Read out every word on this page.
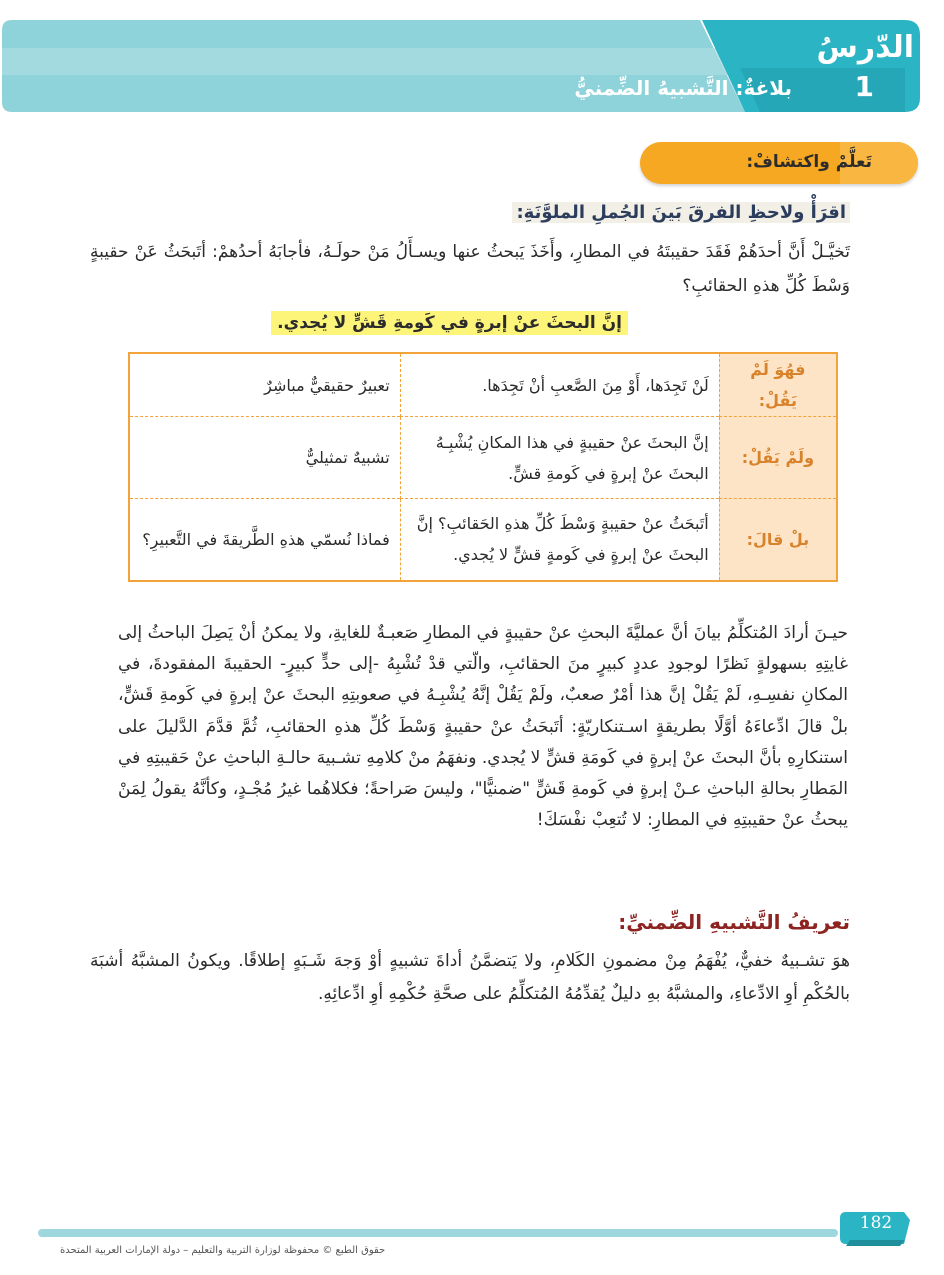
الدّرسُ
1
بلاغةٌ: التَّشبيهُ الضِّمنيُّ
تَعلَّمْ واكتشافْ:
اقرَأْ ولاحظِ الفرقَ بَينَ الجُملِ الملوَّنَةِ:

تَخيَّـلْ أَنَّ أحدَهُمْ فَقَدَ حقيبتَهُ في المطارِ، وأَخَذَ يَبحثُ عنها ويسـأَلُ مَنْ حولَـهُ، فأجابَهُ أحدُهمْ: أتَبحَثُ عَنْ حقيبةٍ وَسْطَ كُلِّ هذهِ الحقائبِ؟

إنَّ البحثَ عنْ إبرةٍ في كَومةِ قَشٍّ لا يُجدي.
فهُوَ لَمْ يَقُلْ:	لَنْ تَجِدَها، أَوْ مِنَ الصَّعبِ أنْ تَجِدَها.	تعبيرٌ حقيقيٌّ مباشِرٌ
ولَمْ يَقُلْ:	إنَّ البحثَ عنْ حقيبةٍ في هذا المكانِ يُشْبِـهُ البحثَ عنْ إبرةٍ في كَومةِ قشٍّ.	تشبيهٌ تمثيليٌّ
بلْ قالَ:	أتَبحَثُ عنْ حقيبةٍ وَسْطَ كُلِّ هذهِ الحَقائبِ؟ إنَّ البحثَ عنْ إبرةٍ في كَومةٍ قشٍّ لا يُجدي.	فماذا نُسمّي هذهِ الطَّريقةَ في التَّعبيرِ؟

حيـنَ أرادَ المُتكلِّمُ بيانَ أنَّ عمليَّةَ البحثِ عنْ حقيبةٍ في المطارِ صَعبـةٌ للغايةِ، ولا يمكنُ أنْ يَصِلَ الباحثُ إلى غايتِهِ بسهولةٍ نَظرًا لوجودِ عددٍ كبيرٍ منَ الحقائبِ، والّتي قدْ تُشْبِهُ -إلى حدٍّ كبيرٍ- الحقيبةَ المفقودةَ، في المكانِ نفسِـهِ، لَمْ يَقُلْ إنَّ هذا أمْرٌ صعبٌ، ولَمْ يَقُلْ إنَّهُ يُشْبِـهُ في صعوبتِهِ البحثَ عنْ إبرةٍ في كَومةِ قَشٍّ، بلْ قالَ ادِّعاءَهُ أوَّلًا بطريقةٍ اسـتنكاريّةٍ: أتَبحَثُ عنْ حقيبةٍ وَسْطَ كُلِّ هذهِ الحقائبِ، ثُمَّ قدَّمَ الدَّليلَ على استنكارِهِ بأنَّ البحثَ عنْ إبرةٍ في كَومَةِ قشٍّ لا يُجدي. ونفهَمُ منْ كلامِهِ تشـبيهَ حالـةِ الباحثِ عنْ حَقيبتِهِ في المَطارِ بحالةِ الباحثِ عـنْ إبرةٍ في كَومةِ قَشٍّ "ضمنيًّا"، وليسَ صَراحةً؛ فكلاهُما غيرُ مُجْـدٍ، وكأنَّهُ يقولُ لِمَنْ يبحثُ عنْ حقيبتِهِ في المطارِ: لا تُتعِبْ نفْسَكَ!

تعريفُ التَّشبيهِ الضِّمنيِّ:

هوَ تشـبيهٌ خفيٌّ، يُفْهَمُ مِنْ مضمونِ الكَلامِ، ولا يَتضمَّنُ أداةَ تشبيهٍ أوْ وَجهَ شَـبَهٍ إطلاقًا. ويكونُ المشبَّهُ أشبَهَ بالحُكْمِ أوِ الادِّعاءِ، والمشبَّهُ بهِ دليلٌ يُقدِّمُهُ المُتكلِّمُ على صحَّةِ حُكْمِهِ أوِ ادِّعائِهِ.

182
حقوق الطبع © محفوظة لوزارة التربية والتعليم – دولة الإمارات العربية المتحدة
